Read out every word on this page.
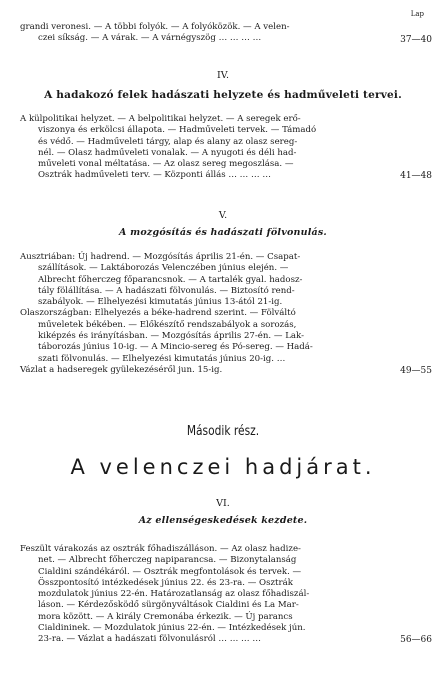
Lap
grandi veronesi. — A többi folyók. — A folyóközök. — A velen-

czei síkság. — A várak. — A várnégyszög … … … …	37—40
IV.
A hadakozó felek hadászati helyzete és hadműveleti tervei.
A külpolitikai helyzet. — A belpolitikai helyzet. — A seregek erő-

viszonya és erkölcsi állapota. — Hadműveleti tervek. — Támadó
és védő. — Hadműveleti tárgy, alap és alany az olasz sereg-
nél. — Olasz hadműveleti vonalak. — A nyugoti és déli had-
műveleti vonal méltatása. — Az olasz sereg megoszlása. —
Osztrák hadműveleti terv. — Központi állás … … … …	41—48
V.
A mozgósítás és hadászati fölvonulás.
Ausztriában: Új hadrend. — Mozgósítás április 21-én. — Csapat-

szállítások. — Laktáborozás Velenczében június elején. —
Albrecht főherczeg főparancsnok. — A tartalék gyal. hadosz-
tály fölállítása. — A hadászati fölvonulás. — Biztosító rend-
szabályok. — Elhelyezési kimutatás június 13-ától 21-ig.
Olaszországban: Elhelyezés a béke-hadrend szerint. — Fölváltó

műveletek békében. — Előkészítő rendszabályok a sorozás,
kiképzés és irányításban. — Mozgósítás április 27-én. — Lak-
táborozás június 10-ig. — A Mincio-sereg és Pó-sereg. — Hadá-
szati fölvonulás. — Elhelyezési kimutatás június 20-ig. …
Vázlat a hadseregek gyülekezéséről jun. 15-ig.	49—55
Második rész.
A velenczei hadjárat.
VI.
Az ellenségeskedések kezdete.
Feszült várakozás az osztrák főhadiszálláson. — Az olasz hadize-

net. — Albrecht főherczeg napiparancsa. — Bizonytalanság
Cialdini szándékáról. — Osztrák megfontolások és tervek. —
Összpontosító intézkedések június 22. és 23-ra. — Osztrák
mozdulatok június 22-én. Határozatlanság az olasz főhadiszál-
láson. — Kérdezősködő sürgönyváltások Cialdini és La Mar-
mora között. — A király Cremonába érkezik. — Új parancs
Cialdininek. — Mozdulatok június 22-én. — Intézkedések jún.
23-ra. — Vázlat a hadászati fölvonulásról … … … …	56—66
